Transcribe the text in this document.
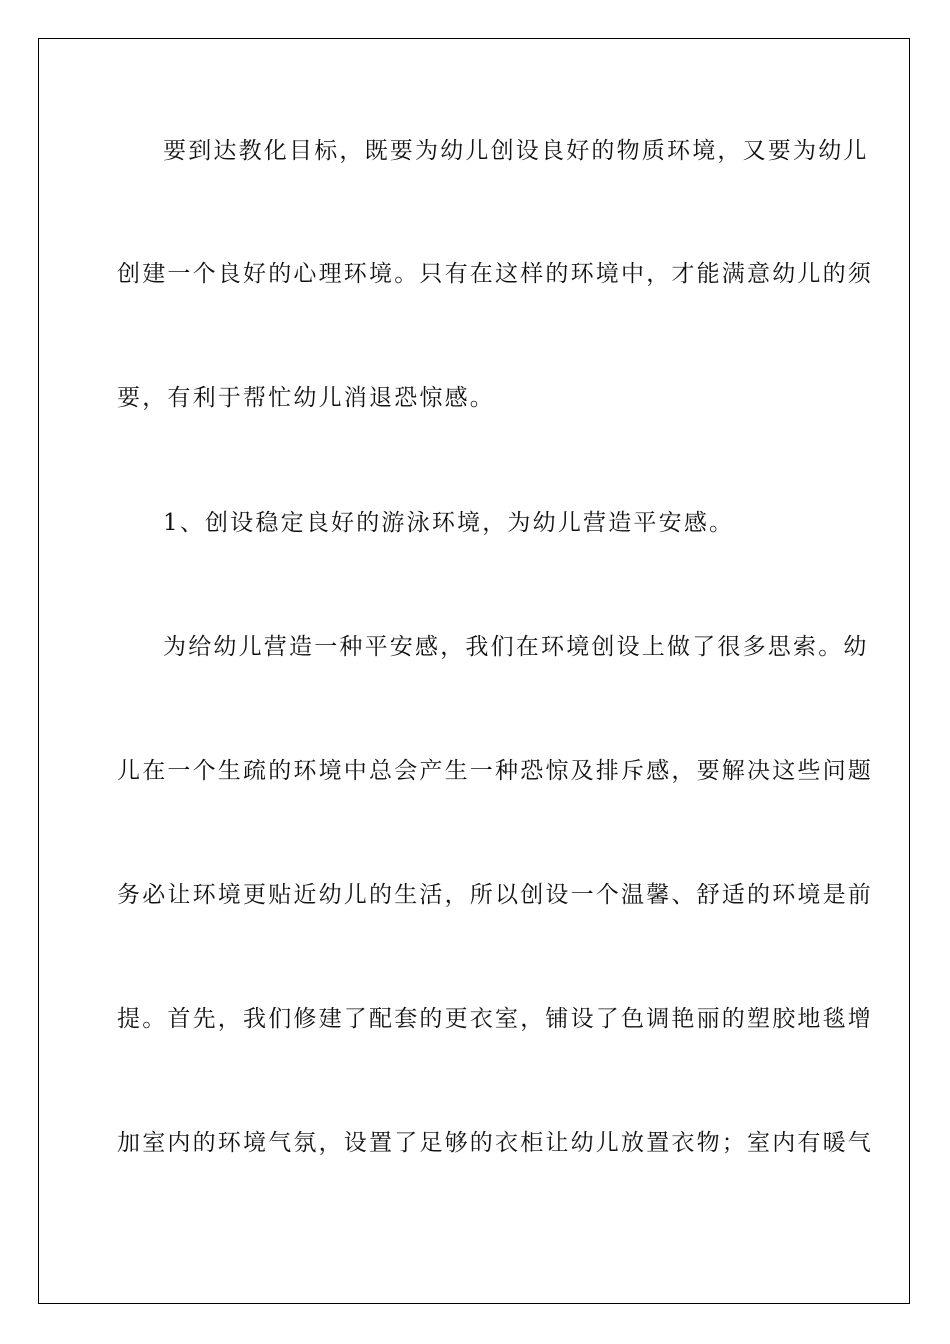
要到达教化目标，既要为幼儿创设良好的物质环境，又要为幼儿
创建一个良好的心理环境。只有在这样的环境中，才能满意幼儿的须
要，有利于帮忙幼儿消退恐惊感。
1、创设稳定良好的游泳环境，为幼儿营造平安感。
为给幼儿营造一种平安感，我们在环境创设上做了很多思索。幼
儿在一个生疏的环境中总会产生一种恐惊及排斥感，要解决这些问题
务必让环境更贴近幼儿的生活，所以创设一个温馨、舒适的环境是前
提。首先，我们修建了配套的更衣室，铺设了色调艳丽的塑胶地毯增
加室内的环境气氛，设置了足够的衣柜让幼儿放置衣物；室内有暖气
